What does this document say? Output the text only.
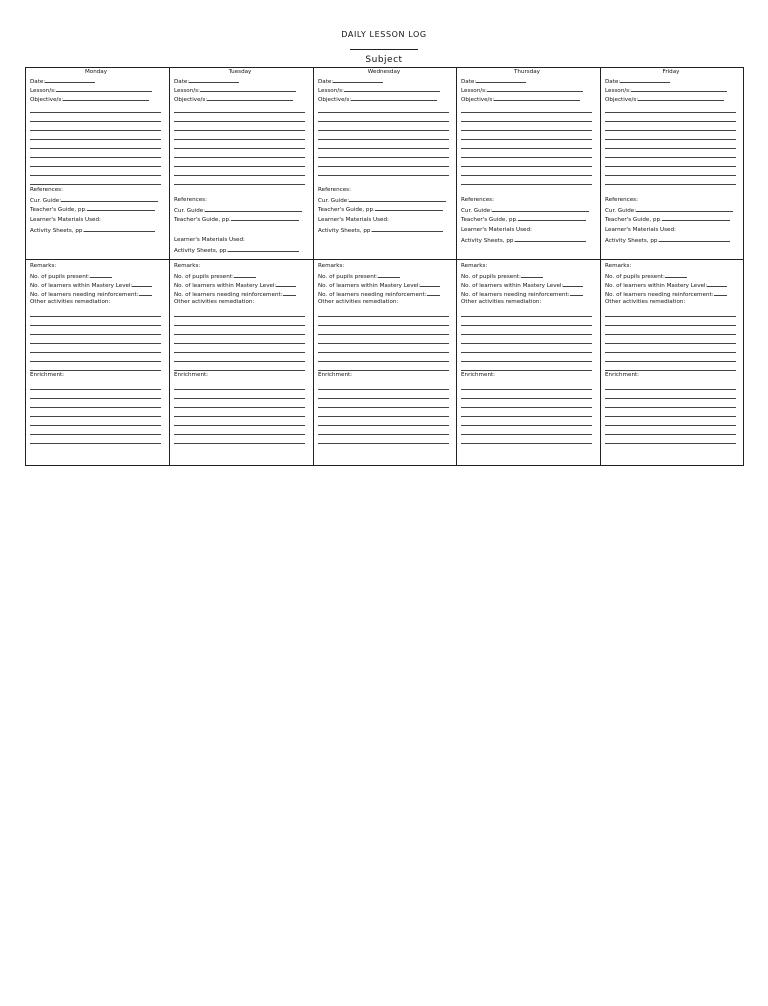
DAILY LESSON LOG
Subject
Monday
Date:
Lesson/s:
Objective/s:
References:
Cur. Guide:
Teacher's Guide, pp.
Learner's Materials Used:
Activity Sheets, pp.
Remarks:
No. of pupils present:
No. of learners within Mastery Level:
No. of learners needing reinforcement:
Other activities remediation:
Enrichment:
Tuesday
Date:
Lesson/s:
Objective/s:
References:
Cur. Guide:
Teacher's Guide, pp.
Learner's Materials Used:
Activity Sheets, pp.
Remarks:
No. of pupils present:
No. of learners within Mastery Level:
No. of learners needing reinforcement:
Other activities remediation:
Enrichment:
Wednesday
Date:
Lesson/s:
Objective/s:
References:
Cur. Guide:
Teacher's Guide, pp.
Learner's Materials Used:
Activity Sheets, pp.
Remarks:
No. of pupils present:
No. of learners within Mastery Level:
No. of learners needing reinforcement:
Other activities remediation:
Enrichment:
Thursday
Date:
Lesson/s:
Objective/s:
References:
Cur. Guide:
Teacher's Guide, pp.
Learner's Materials Used:
Activity Sheets, pp.
Remarks:
No. of pupils present:
No. of learners within Mastery Level:
No. of learners needing reinforcement:
Other activities remediation:
Enrichment:
Friday
Date:
Lesson/s:
Objective/s:
References:
Cur. Guide:
Teacher's Guide, pp.
Learner's Materials Used:
Activity Sheets, pp.
Remarks:
No. of pupils present:
No. of learners within Mastery Level:
No. of learners needing reinforcement:
Other activities remediation:
Enrichment:
